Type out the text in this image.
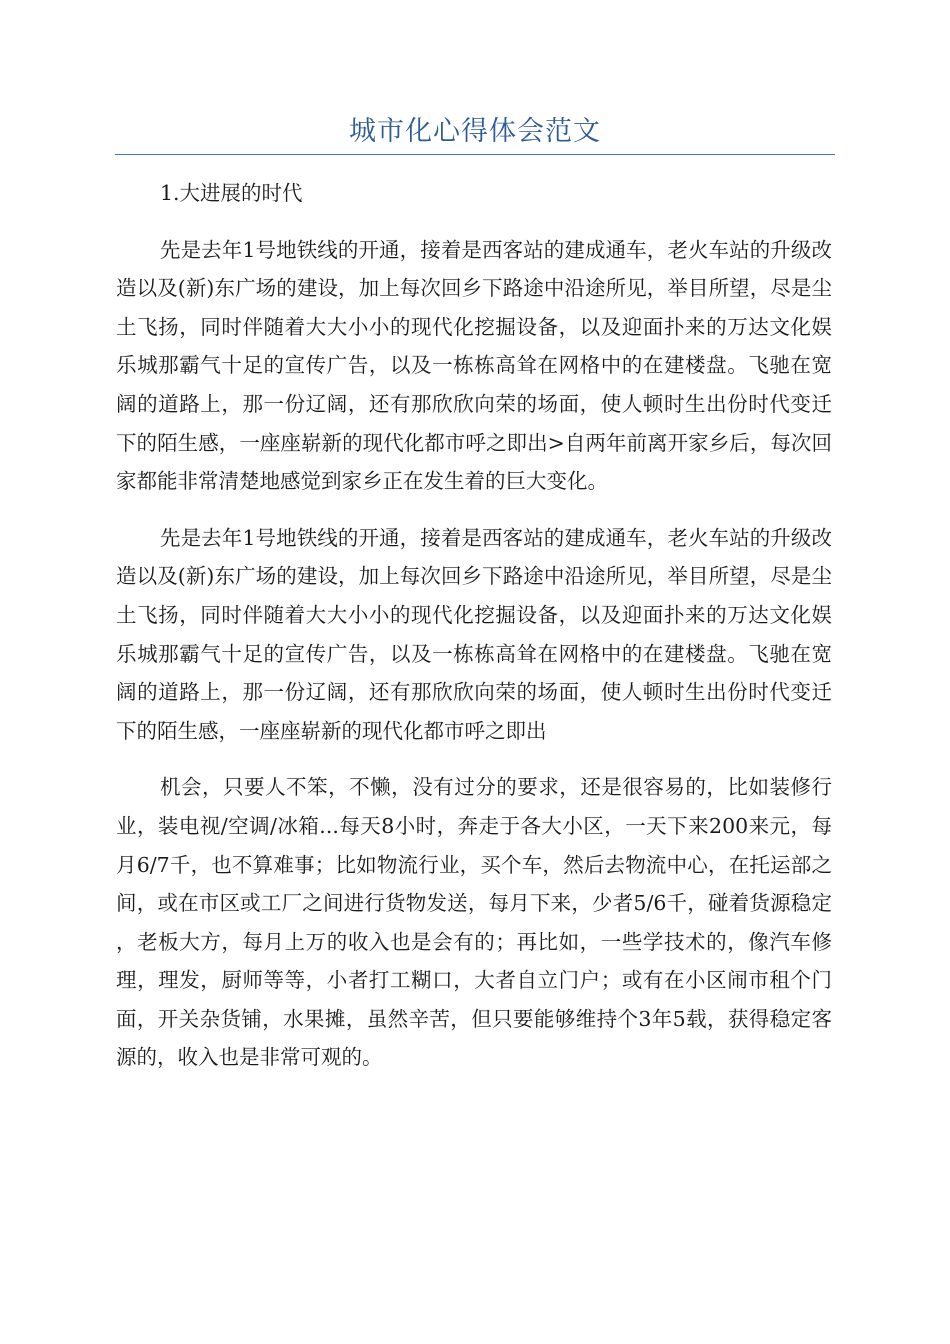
城市化心得体会范文

1.大进展的时代

先是去年1号地铁线的开通，接着是西客站的建成通车，老火车站的升级改造以及(新)东广场的建设，加上每次回乡下路途中沿途所见，举目所望，尽是尘土飞扬，同时伴随着大大小小的现代化挖掘设备，以及迎面扑来的万达文化娱乐城那霸气十足的宣传广告，以及一栋栋高耸在网格中的在建楼盘。飞驰在宽阔的道路上，那一份辽阔，还有那欣欣向荣的场面，使人顿时生出份时代变迁下的陌生感，一座座崭新的现代化都市呼之即出>自两年前离开家乡后，每次回家都能非常清楚地感觉到家乡正在发生着的巨大变化。

先是去年1号地铁线的开通，接着是西客站的建成通车，老火车站的升级改造以及(新)东广场的建设，加上每次回乡下路途中沿途所见，举目所望，尽是尘土飞扬，同时伴随着大大小小的现代化挖掘设备，以及迎面扑来的万达文化娱乐城那霸气十足的宣传广告，以及一栋栋高耸在网格中的在建楼盘。飞驰在宽阔的道路上，那一份辽阔，还有那欣欣向荣的场面，使人顿时生出份时代变迁下的陌生感，一座座崭新的现代化都市呼之即出

机会，只要人不笨，不懒，没有过分的要求，还是很容易的，比如装修行业，装电视/空调/冰箱...每天8小时，奔走于各大小区，一天下来200来元，每月6/7千，也不算难事；比如物流行业，买个车，然后去物流中心，在托运部之间，或在市区或工厂之间进行货物发送，每月下来，少者5/6千，碰着货源稳定，老板大方，每月上万的收入也是会有的；再比如，一些学技术的，像汽车修理，理发，厨师等等，小者打工糊口，大者自立门户；或有在小区闹市租个门面，开关杂货铺，水果摊，虽然辛苦，但只要能够维持个3年5载，获得稳定客源的，收入也是非常可观的。
